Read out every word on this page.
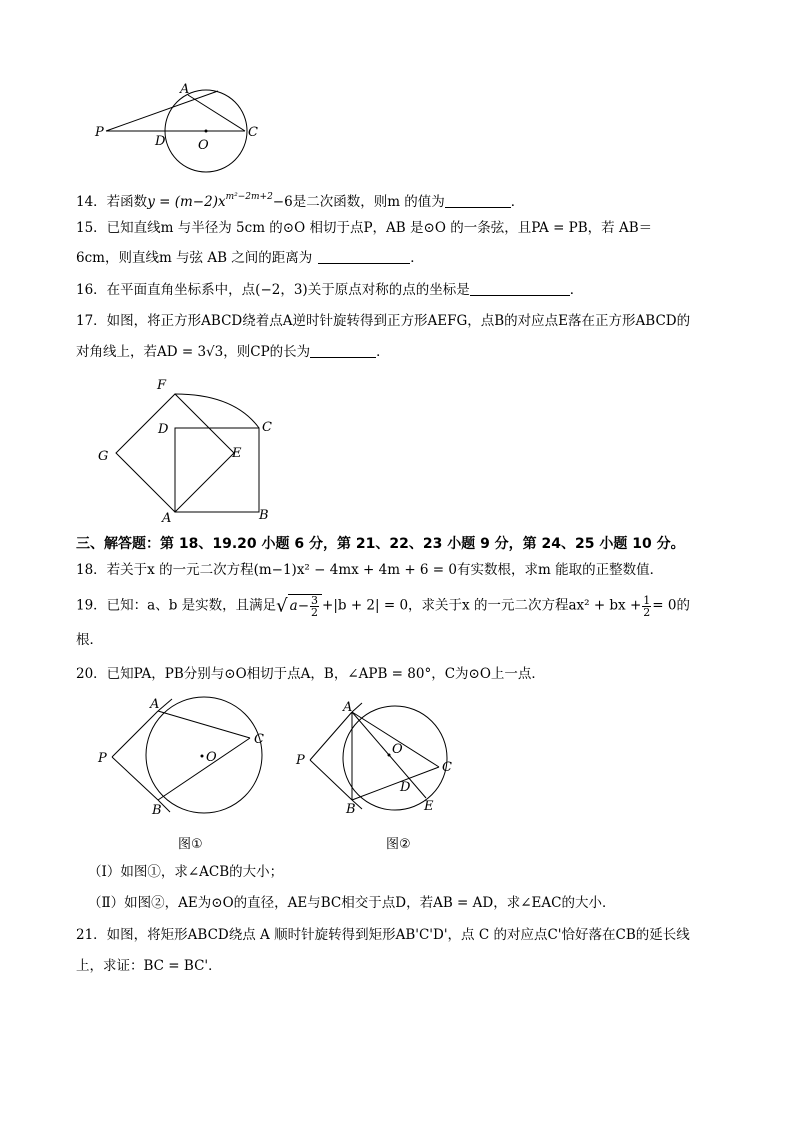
P
A
C
D	O
14．若函数$y = (m-2)x^{m^2-2m+2}-6$是二次函数，则m 的值为	．
15．已知直线m 与半径为 5cm 的⊙O 相切于点P，AB 是⊙O 的一条弦，且PA = PB，若 AB＝
6cm，则直线m 与弦 AB 之间的距离为	．
16．在平面直角坐标系中，点(−2，3)关于原点对称的点的坐标是	．
17．如图，将正方形ABCD绕着点A逆时针旋转得到正方形AEFG，点B的对应点E落在正方形ABCD的
对角线上，若AD = 3√3，则CP的长为	．
F
D	C
G	E
A	B
三、解答题：第 18、19.20 小题 6 分，第 21、22、23 小题 9 分，第 24、25 小题 10 分。
18．若关于x 的一元二次方程(m−1)x² − 4mx + 4m + 6 = 0有实数根，求m 能取的正整数值．
19．已知：a、b 是实数，且满足√ $a- \frac{3}{2} +|b + 2| = 0$，求关于x 的一元二次方程ax² + bx + $\frac{1}{2} = 0$的
根．
20．已知PA，PB分别与⊙O相切于点A，B，∠APB = 80°，C为⊙O上一点．
A
P
C
O
B
图①
A
P	C
O
B
D
E
图②
（Ⅰ）如图①，求∠ACB的大小；
（Ⅱ）如图②，AE为⊙O的直径，AE与BC相交于点D，若AB = AD，求∠EAC的大小．
21．如图，将矩形ABCD绕点 A 顺时针旋转得到矩形AB'C'D'，点 C 的对应点C'恰好落在CB的延长线
上，求证：BC = BC'．
